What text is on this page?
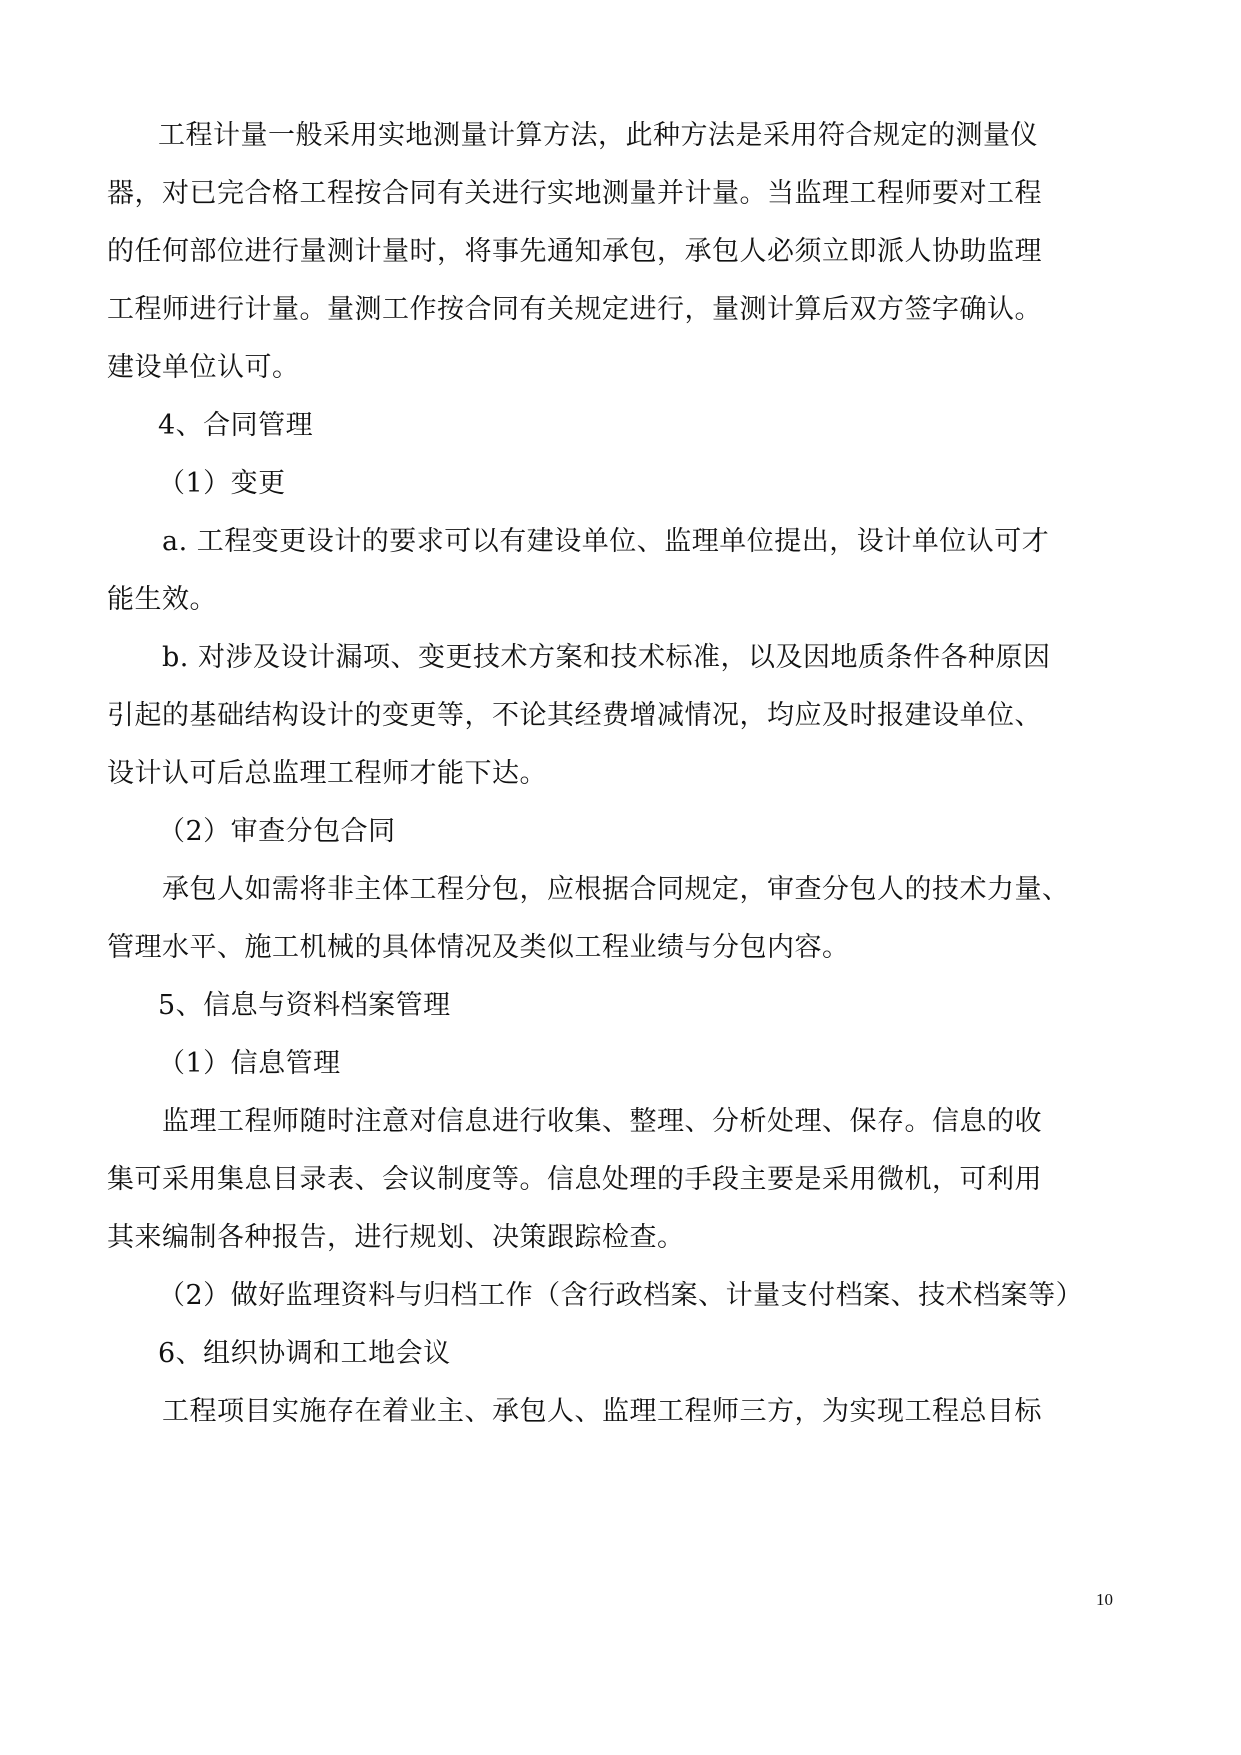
工程计量一般采用实地测量计算方法，此种方法是采用符合规定的测量仪
器，对已完合格工程按合同有关进行实地测量并计量。当监理工程师要对工程
的任何部位进行量测计量时，将事先通知承包，承包人必须立即派人协助监理
工程师进行计量。量测工作按合同有关规定进行，量测计算后双方签字确认。
建设单位认可。
4、合同管理
（1）变更
a. 工程变更设计的要求可以有建设单位、监理单位提出，设计单位认可才
能生效。
b. 对涉及设计漏项、变更技术方案和技术标准，以及因地质条件各种原因
引起的基础结构设计的变更等，不论其经费增减情况，均应及时报建设单位、
设计认可后总监理工程师才能下达。
（2）审查分包合同
承包人如需将非主体工程分包，应根据合同规定，审查分包人的技术力量、
管理水平、施工机械的具体情况及类似工程业绩与分包内容。
5、信息与资料档案管理
（1）信息管理
监理工程师随时注意对信息进行收集、整理、分析处理、保存。信息的收
集可采用集息目录表、会议制度等。信息处理的手段主要是采用微机，可利用
其来编制各种报告，进行规划、决策跟踪检查。
（2）做好监理资料与归档工作（含行政档案、计量支付档案、技术档案等）
6、组织协调和工地会议
工程项目实施存在着业主、承包人、监理工程师三方，为实现工程总目标
10
